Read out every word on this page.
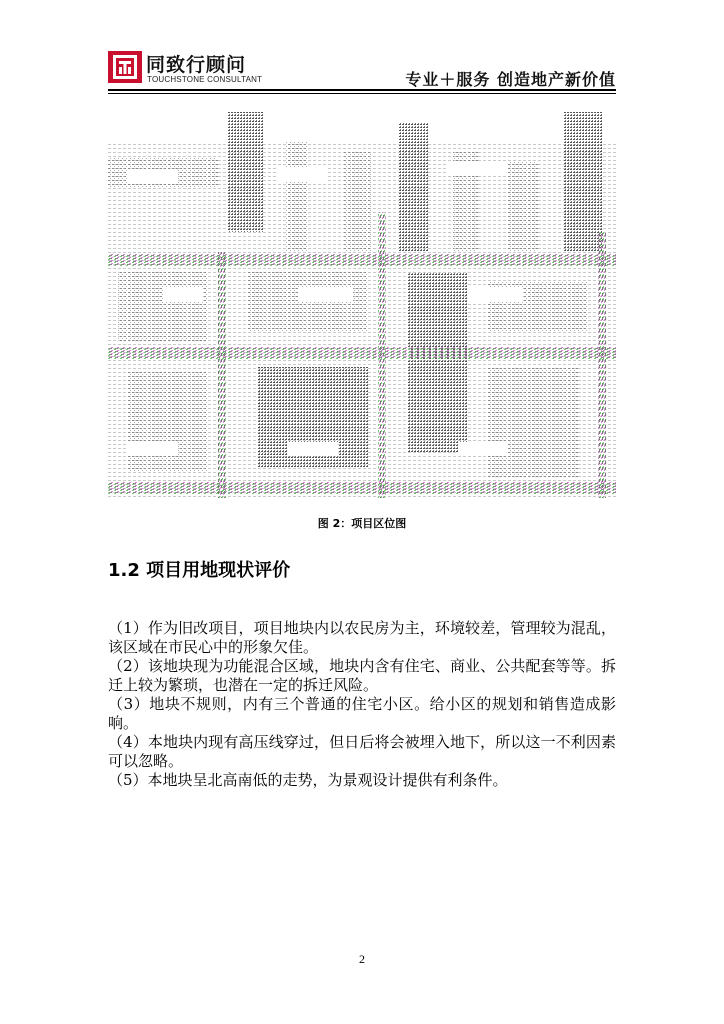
同致行顾问
TOUCHSTONE CONSULTANT	专业＋服务 创造地产新价值
图 2：项目区位图
1.2 项目用地现状评价

（1）作为旧改项目，项目地块内以农民房为主，环境较差，管理较为混乱，该区域在市民心中的形象欠佳。

（2）该地块现为功能混合区域，地块内含有住宅、商业、公共配套等等。拆迁上较为繁琐，也潜在一定的拆迁风险。

（3）地块不规则，内有三个普通的住宅小区。给小区的规划和销售造成影响。

（4）本地块内现有高压线穿过，但日后将会被埋入地下，所以这一不利因素可以忽略。

（5）本地块呈北高南低的走势，为景观设计提供有利条件。

2
